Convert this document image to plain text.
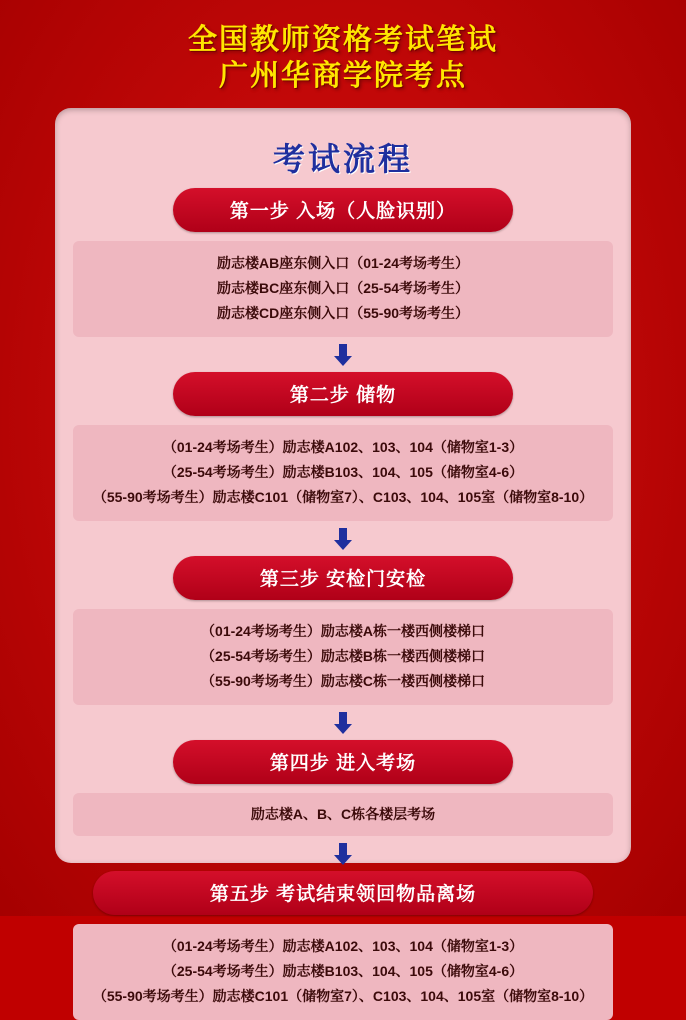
全国教师资格考试笔试
广州华商学院考点
考试流程
第一步 入场（人脸识别）
励志楼AB座东侧入口（01-24考场考生）
励志楼BC座东侧入口（25-54考场考生）
励志楼CD座东侧入口（55-90考场考生）
第二步 储物
（01-24考场考生）励志楼A102、103、104（储物室1-3）
（25-54考场考生）励志楼B103、104、105（储物室4-6）
（55-90考场考生）励志楼C101（储物室7）、C103、104、105室（储物室8-10）
第三步 安检门安检
（01-24考场考生）励志楼A栋一楼西侧楼梯口
（25-54考场考生）励志楼B栋一楼西侧楼梯口
（55-90考场考生）励志楼C栋一楼西侧楼梯口
第四步 进入考场
励志楼A、B、C栋各楼层考场
第五步 考试结束领回物品离场
（01-24考场考生）励志楼A102、103、104（储物室1-3）
（25-54考场考生）励志楼B103、104、105（储物室4-6）
（55-90考场考生）励志楼C101（储物室7）、C103、104、105室（储物室8-10）
